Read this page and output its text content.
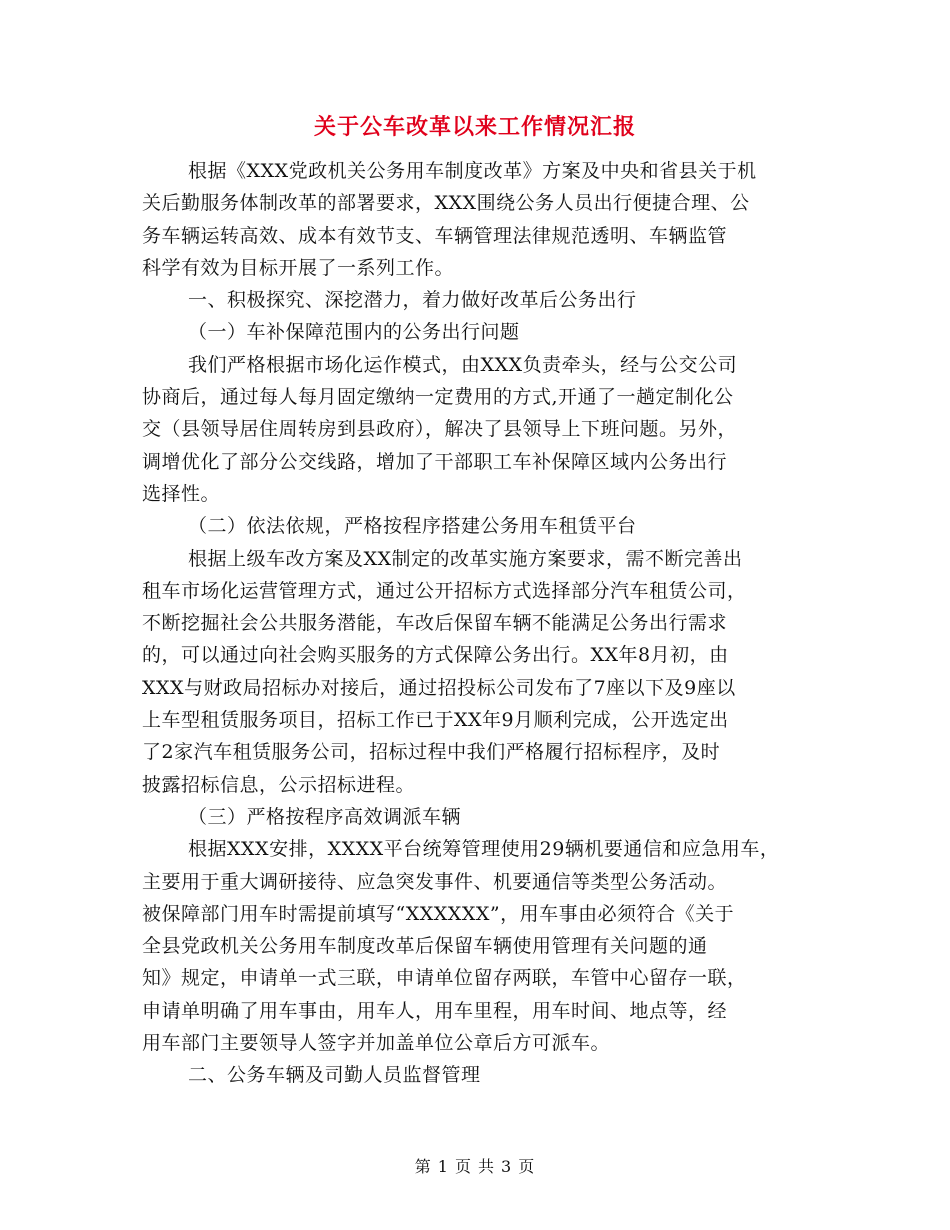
关于公车改革以来工作情况汇报
根据《XXX党政机关公务用车制度改革》方案及中央和省县关于机
关后勤服务体制改革的部署要求，XXX围绕公务人员出行便捷合理、公
务车辆运转高效、成本有效节支、车辆管理法律规范透明、车辆监管
科学有效为目标开展了一系列工作。
一、积极探究、深挖潜力，着力做好改革后公务出行
（一）车补保障范围内的公务出行问题
我们严格根据市场化运作模式，由XXX负责牵头，经与公交公司
协商后，通过每人每月固定缴纳一定费用的方式,开通了一趟定制化公
交（县领导居住周转房到县政府），解决了县领导上下班问题。另外，
调增优化了部分公交线路，增加了干部职工车补保障区域内公务出行
选择性。
（二）依法依规，严格按程序搭建公务用车租赁平台
根据上级车改方案及XX制定的改革实施方案要求，需不断完善出
租车市场化运营管理方式，通过公开招标方式选择部分汽车租赁公司，
不断挖掘社会公共服务潜能，车改后保留车辆不能满足公务出行需求
的，可以通过向社会购买服务的方式保障公务出行。XX年8月初，由
XXX与财政局招标办对接后，通过招投标公司发布了7座以下及9座以
上车型租赁服务项目，招标工作已于XX年9月顺利完成，公开选定出
了2家汽车租赁服务公司，招标过程中我们严格履行招标程序，及时
披露招标信息，公示招标进程。
（三）严格按程序高效调派车辆
根据XXX安排，XXXX平台统筹管理使用29辆机要通信和应急用车，
主要用于重大调研接待、应急突发事件、机要通信等类型公务活动。
被保障部门用车时需提前填写“XXXXXX”，用车事由必须符合《关于
全县党政机关公务用车制度改革后保留车辆使用管理有关问题的通
知》规定，申请单一式三联，申请单位留存两联，车管中心留存一联，
申请单明确了用车事由，用车人，用车里程，用车时间、地点等，经
用车部门主要领导人签字并加盖单位公章后方可派车。
二、公务车辆及司勤人员监督管理
第 1 页 共 3 页
